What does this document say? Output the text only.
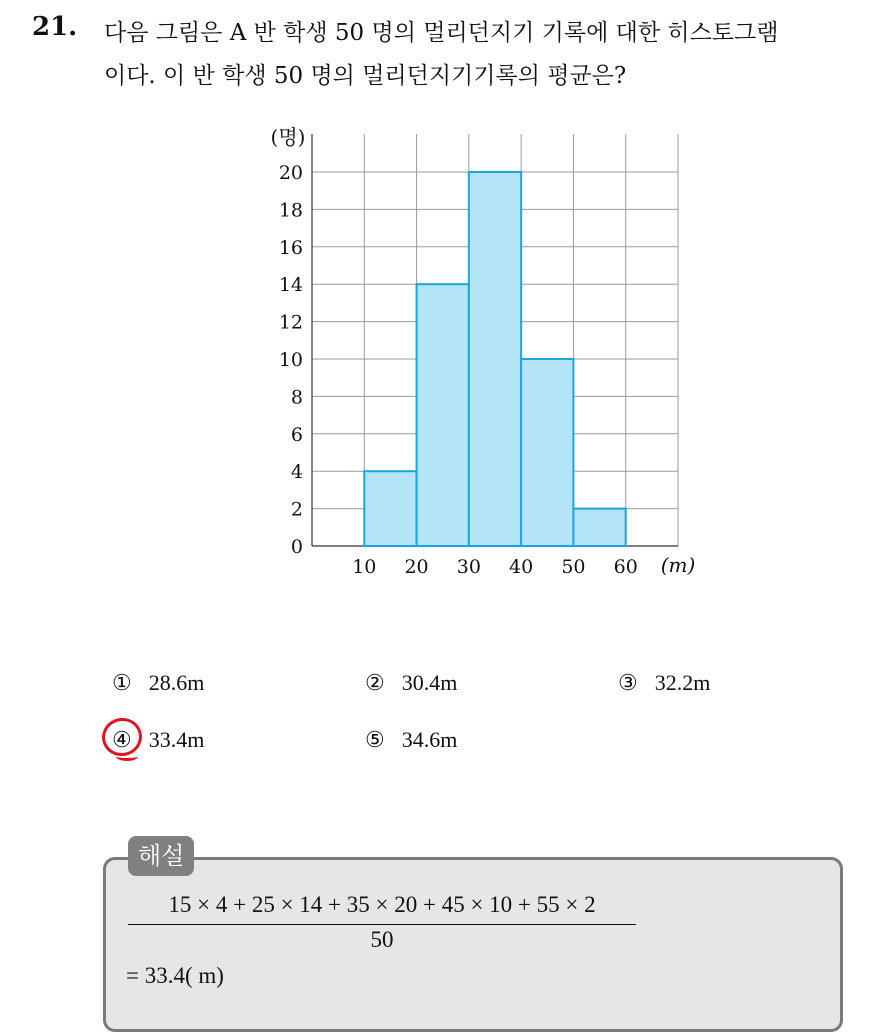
21. 다음 그림은 A 반 학생 50 명의 멀리던지기 기록에 대한 히스토그램
이다. 이 반 학생 50 명의 멀리던지기기록의 평균은?
0
2
4
6
8
10
12
14
16
18
20
10 20 30 40 50 60
(명)
(m)
① 28.6m	② 30.4m	③ 32.2m
④ 33.4m	⑤ 34.6m
해설
$\frac{15 \times 4 + 25 \times 14 + 35 \times 20 + 45 \times 10 + 55 \times 2}{50}$
= 33.4( m)
